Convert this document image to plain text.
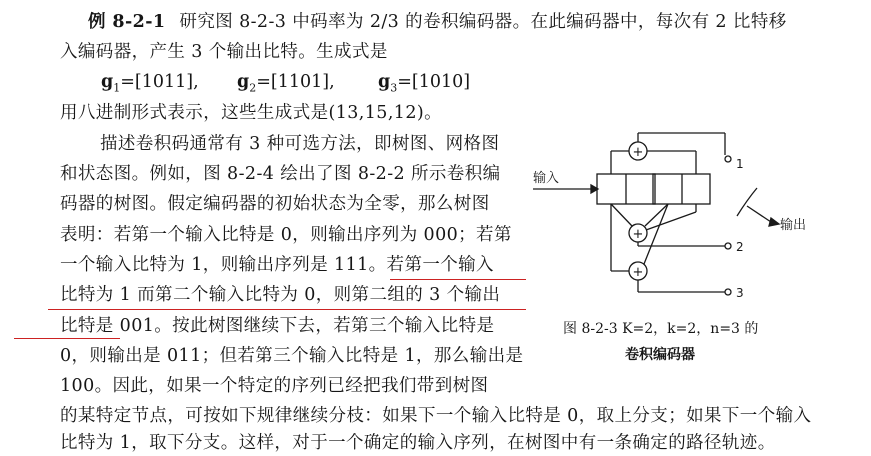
例 8-2-1 研究图 8-2-3 中码率为 2/3 的卷积编码器。在此编码器中，每次有 2 比特移
入编码器，产生 3 个输出比特。生成式是
$g_1=[1011]$, $g_2=[1101]$, $g_3=[1010]$
用八进制形式表示，这些生成式是(13,15,12)。
描述卷积码通常有 3 种可选方法，即树图、网格图
和状态图。例如，图 8-2-4 绘出了图 8-2-2 所示卷积编
码器的树图。假定编码器的初始状态为全零，那么树图
表明：若第一个输入比特是 0，则输出序列为 000；若第
一个输入比特为 1，则输出序列是 111。若第一个输入
比特为 1 而第二个输入比特为 0，则第二组的 3 个输出
比特是 001。按此树图继续下去，若第三个输入比特是
0，则输出是 011；但若第三个输入比特是 1，那么输出是
100。因此，如果一个特定的序列已经把我们带到树图
的某特定节点，可按如下规律继续分枝：如果下一个输入比特是 0，取上分支；如果下一个输入
比特为 1，取下分支。这样，对于一个确定的输入序列，在树图中有一条确定的路径轨迹。
+
+
+
输入
输出
1
2
3
图 8-2-3 K=2，k=2，n=3 的
卷积编码器
